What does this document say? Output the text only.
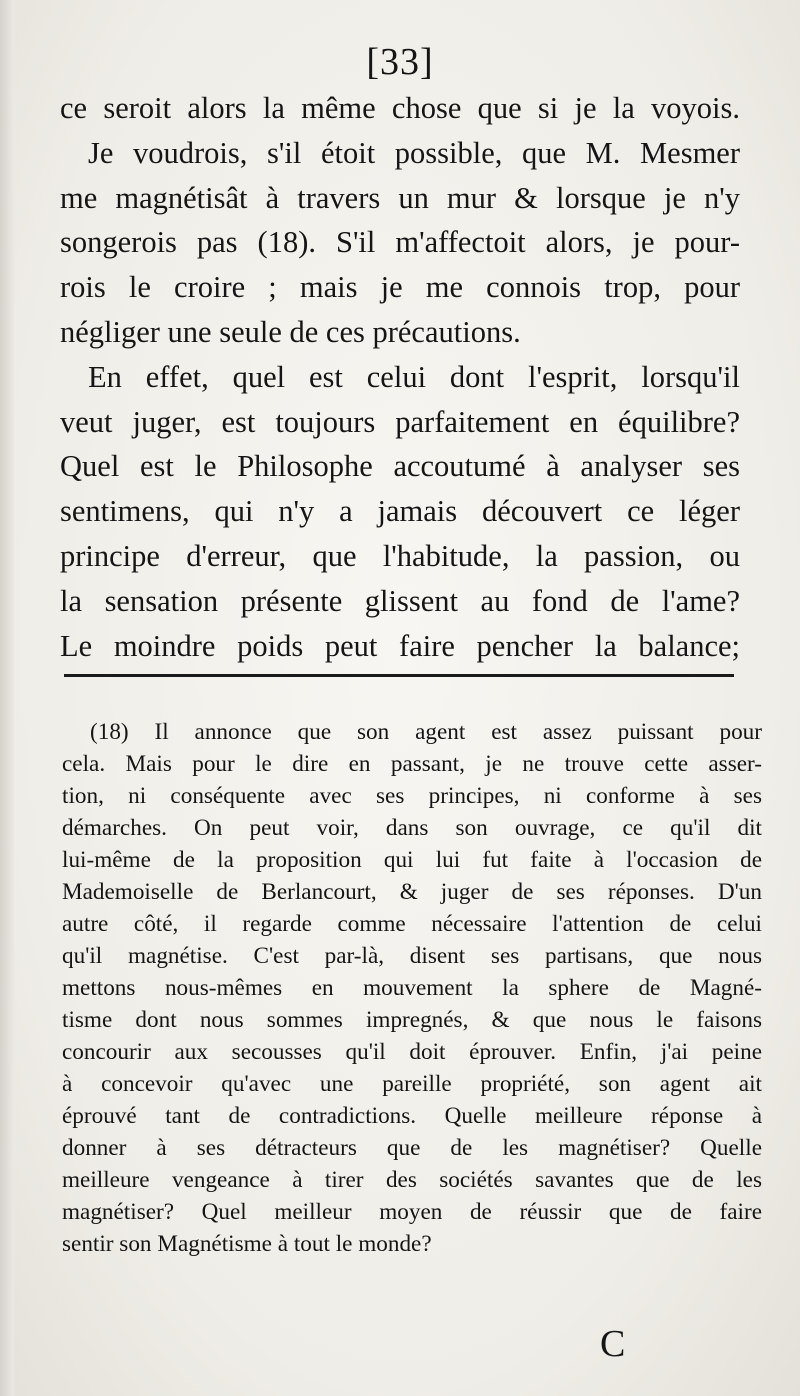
[33]
ce seroit alors la même chose que si je la voyois.
Je voudrois, s'il étoit possible, que M. Mesmer
me magnétisât à travers un mur & lorsque je n'y
songerois pas (18). S'il m'affectoit alors, je pour-
rois le croire ; mais je me connois trop, pour
négliger une seule de ces précautions.
En effet, quel est celui dont l'esprit, lorsqu'il
veut juger, est toujours parfaitement en équilibre?
Quel est le Philosophe accoutumé à analyser ses
sentimens, qui n'y a jamais découvert ce léger
principe d'erreur, que l'habitude, la passion, ou
la sensation présente glissent au fond de l'ame?
Le moindre poids peut faire pencher la balance;
(18) Il annonce que son agent est assez puissant pour
cela. Mais pour le dire en passant, je ne trouve cette asser-
tion, ni conséquente avec ses principes, ni conforme à ses
démarches. On peut voir, dans son ouvrage, ce qu'il dit
lui-même de la proposition qui lui fut faite à l'occasion de
Mademoiselle de Berlancourt, & juger de ses réponses. D'un
autre côté, il regarde comme nécessaire l'attention de celui
qu'il magnétise. C'est par-là, disent ses partisans, que nous
mettons nous-mêmes en mouvement la sphere de Magné-
tisme dont nous sommes impregnés, & que nous le faisons
concourir aux secousses qu'il doit éprouver. Enfin, j'ai peine
à concevoir qu'avec une pareille propriété, son agent ait
éprouvé tant de contradictions. Quelle meilleure réponse à
donner à ses détracteurs que de les magnétiser? Quelle
meilleure vengeance à tirer des sociétés savantes que de les
magnétiser? Quel meilleur moyen de réussir que de faire
sentir son Magnétisme à tout le monde?
C
